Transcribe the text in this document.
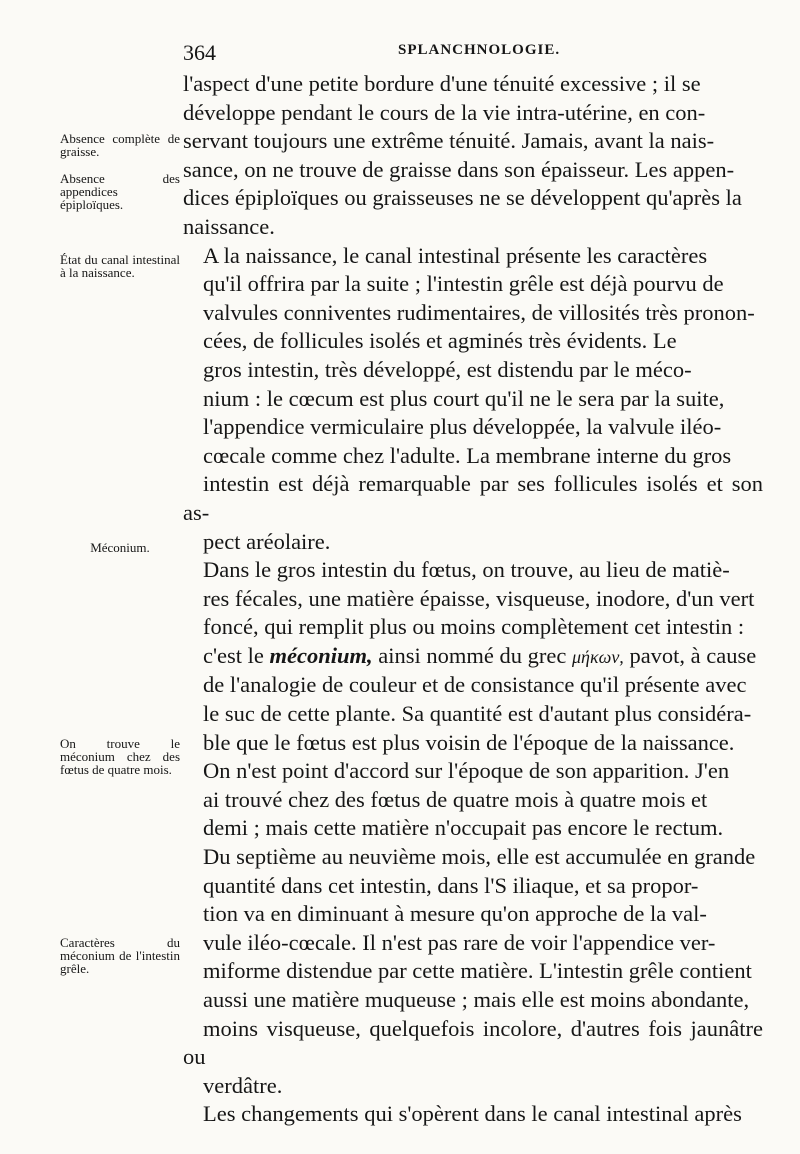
364	SPLANCHNOLOGIE.
Absence complète de graisse.
Absence des appendices épiploïques.
État du canal intestinal à la naissance.
Méconium.
On trouve le méconium chez des fœtus de quatre mois.
Caractères du méconium de l'intestin grêle.

l'aspect d'une petite bordure d'une ténuité excessive ; il se
développe pendant le cours de la vie intra-utérine, en con-
servant toujours une extrême ténuité. Jamais, avant la nais-
sance, on ne trouve de graisse dans son épaisseur. Les appen-
dices épiploïques ou graisseuses ne se développent qu'après la
naissance.

A la naissance, le canal intestinal présente les caractères
qu'il offrira par la suite ; l'intestin grêle est déjà pourvu de
valvules conniventes rudimentaires, de villosités très pronon-
cées, de follicules isolés et agminés très évidents. Le
gros intestin, très développé, est distendu par le méco-
nium : le cœcum est plus court qu'il ne le sera par la suite,
l'appendice vermiculaire plus développée, la valvule iléo-
cœcale comme chez l'adulte. La membrane interne du gros
intestin est déjà remarquable par ses follicules isolés et son as-
pect aréolaire.

Dans le gros intestin du fœtus, on trouve, au lieu de matiè-
res fécales, une matière épaisse, visqueuse, inodore, d'un vert
foncé, qui remplit plus ou moins complètement cet intestin :
c'est le méconium, ainsi nommé du grec μήκων, pavot, à cause
de l'analogie de couleur et de consistance qu'il présente avec
le suc de cette plante. Sa quantité est d'autant plus considéra-
ble que le fœtus est plus voisin de l'époque de la naissance.
On n'est point d'accord sur l'époque de son apparition. J'en
ai trouvé chez des fœtus de quatre mois à quatre mois et
demi ; mais cette matière n'occupait pas encore le rectum.
Du septième au neuvième mois, elle est accumulée en grande
quantité dans cet intestin, dans l'S iliaque, et sa propor-
tion va en diminuant à mesure qu'on approche de la val-
vule iléo-cœcale. Il n'est pas rare de voir l'appendice ver-
miforme distendue par cette matière. L'intestin grêle contient
aussi une matière muqueuse ; mais elle est moins abondante,
moins visqueuse, quelquefois incolore, d'autres fois jaunâtre ou
verdâtre.

Les changements qui s'opèrent dans le canal intestinal après
